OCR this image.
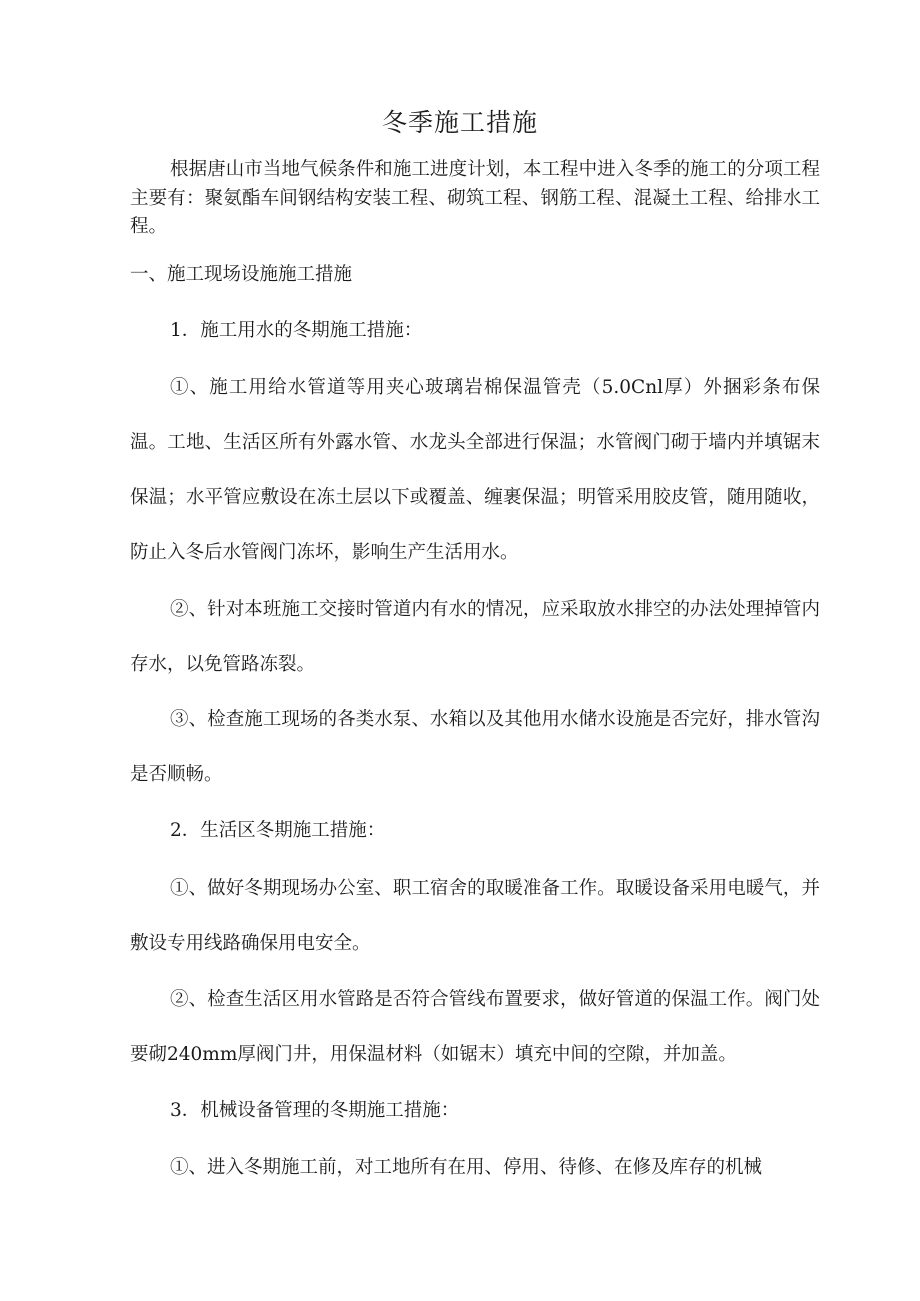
冬季施工措施

根据唐山市当地气候条件和施工进度计划，本工程中进入冬季的施工的分项工程主要有：聚氨酯车间钢结构安装工程、砌筑工程、钢筋工程、混凝土工程、给排水工程。

一、施工现场设施施工措施
1．施工用水的冬期施工措施：

①、施工用给水管道等用夹心玻璃岩棉保温管壳（5.0Cnl厚）外捆彩条布保温。工地、生活区所有外露水管、水龙头全部进行保温；水管阀门砌于墙内并填锯末保温；水平管应敷设在冻土层以下或覆盖、缠裹保温；明管采用胶皮管，随用随收，防止入冬后水管阀门冻坏，影响生产生活用水。

②、针对本班施工交接时管道内有水的情况，应采取放水排空的办法处理掉管内存水，以免管路冻裂。

③、检查施工现场的各类水泵、水箱以及其他用水储水设施是否完好，排水管沟是否顺畅。

2．生活区冬期施工措施：

①、做好冬期现场办公室、职工宿舍的取暖准备工作。取暖设备采用电暖气，并敷设专用线路确保用电安全。

②、检查生活区用水管路是否符合管线布置要求，做好管道的保温工作。阀门处要砌240mm厚阀门井，用保温材料（如锯末）填充中间的空隙，并加盖。

3．机械设备管理的冬期施工措施：

①、进入冬期施工前，对工地所有在用、停用、待修、在修及库存的机械
